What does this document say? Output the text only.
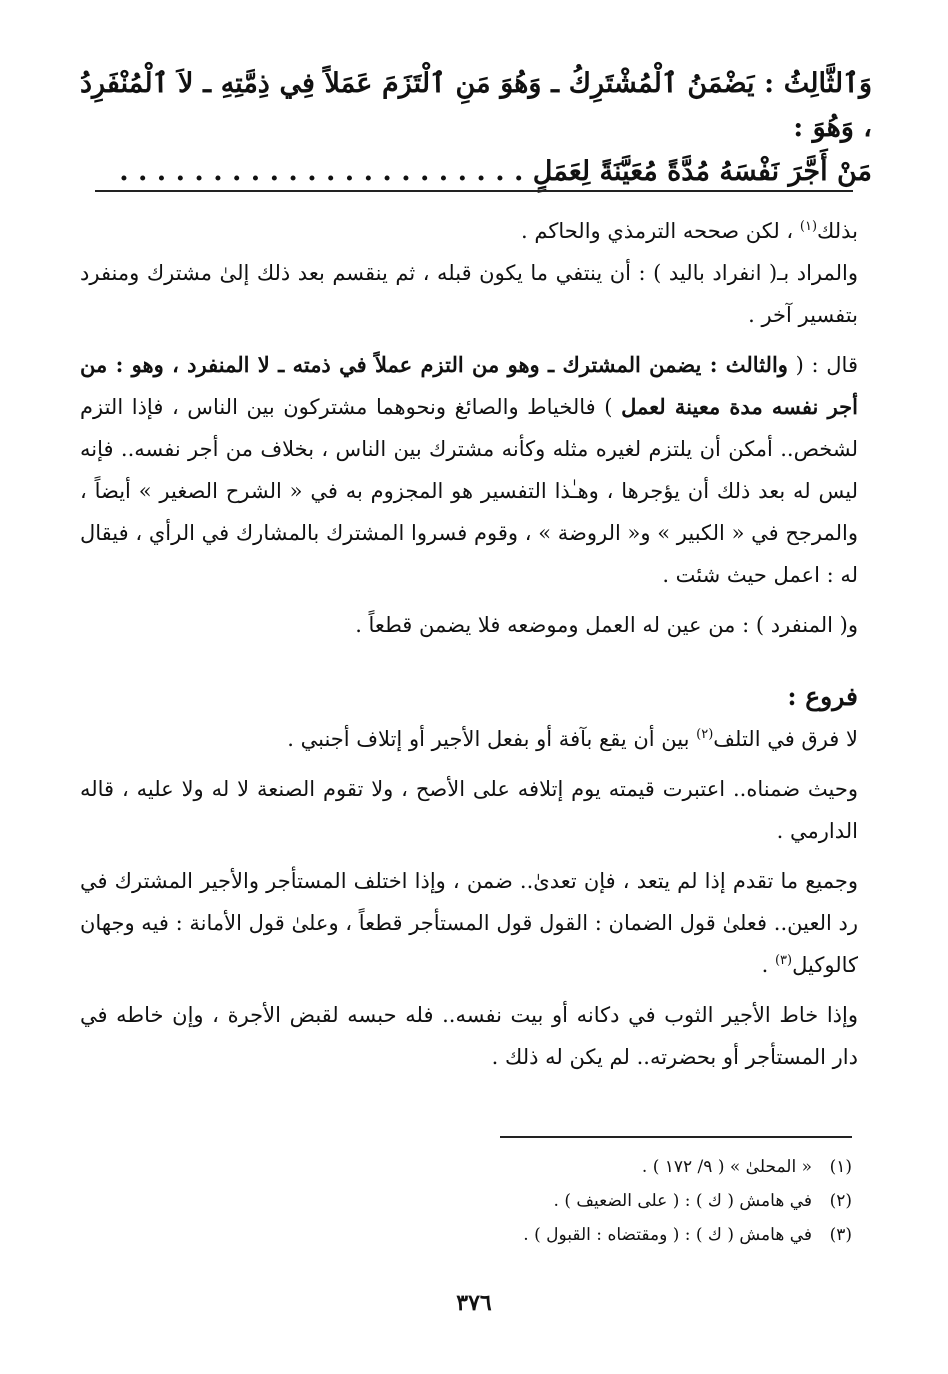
وَٱلثَّالِثُ : يَضْمَنُ ٱلْمُشْتَرِكُ ـ وَهُوَ مَنِ ٱلْتَزَمَ عَمَلاً فِي ذِمَّتِهِ ـ لاَ ٱلْمُنْفَرِدُ ، وَهُوَ :

مَنْ أَجَّرَ نَفْسَهُ مُدَّةً مُعَيَّنَةً لِعَمَلٍ . . . . . . . . . . . . . . . . . . . . . .

بذلك$^{(١)}$ ، لكن صححه الترمذي والحاكم .

والمراد بـ( انفراد باليد ) : أن ينتفي ما يكون قبله ، ثم ينقسم بعد ذلك إلىٰ مشترك ومنفرد بتفسير آخر .

قال : ( والثالث : يضمن المشترك ـ وهو من التزم عملاً في ذمته ـ لا المنفرد ، وهو : من أجر نفسه مدة معينة لعمل ) فالخياط والصائغ ونحوهما مشتركون بين الناس ، فإذا التزم لشخص.. أمكن أن يلتزم لغيره مثله وكأنه مشترك بين الناس ، بخلاف من أجر نفسه.. فإنه ليس له بعد ذلك أن يؤجرها ، وهـٰذا التفسير هو المجزوم به في « الشرح الصغير » أيضاً ، والمرجح في « الكبير » و« الروضة » ، وقوم فسروا المشترك بالمشارك في الرأي ، فيقال له : اعمل حيث شئت .

و( المنفرد ) : من عين له العمل وموضعه فلا يضمن قطعاً .

فروع :

لا فرق في التلف$^{(٢)}$ بين أن يقع بآفة أو بفعل الأجير أو إتلاف أجنبي .

وحيث ضمناه.. اعتبرت قيمته يوم إتلافه على الأصح ، ولا تقوم الصنعة لا له ولا عليه ، قاله الدارمي .

وجميع ما تقدم إذا لم يتعد ، فإن تعدىٰ.. ضمن ، وإذا اختلف المستأجر والأجير المشترك في رد العين.. فعلىٰ قول الضمان : القول قول المستأجر قطعاً ، وعلىٰ قول الأمانة : فيه وجهان كالوكيل$^{(٣)}$ .

وإذا خاط الأجير الثوب في دكانه أو بيت نفسه.. فله حبسه لقبض الأجرة ، وإن خاطه في دار المستأجر أو بحضرته.. لم يكن له ذلك .

(١)« المحلىٰ » ( ٩/ ١٧٢ ) .
(٢)في هامش ( ك ) : ( على الضعيف ) .
(٣)في هامش ( ك ) : ( ومقتضاه : القبول ) .
٣٧٦
